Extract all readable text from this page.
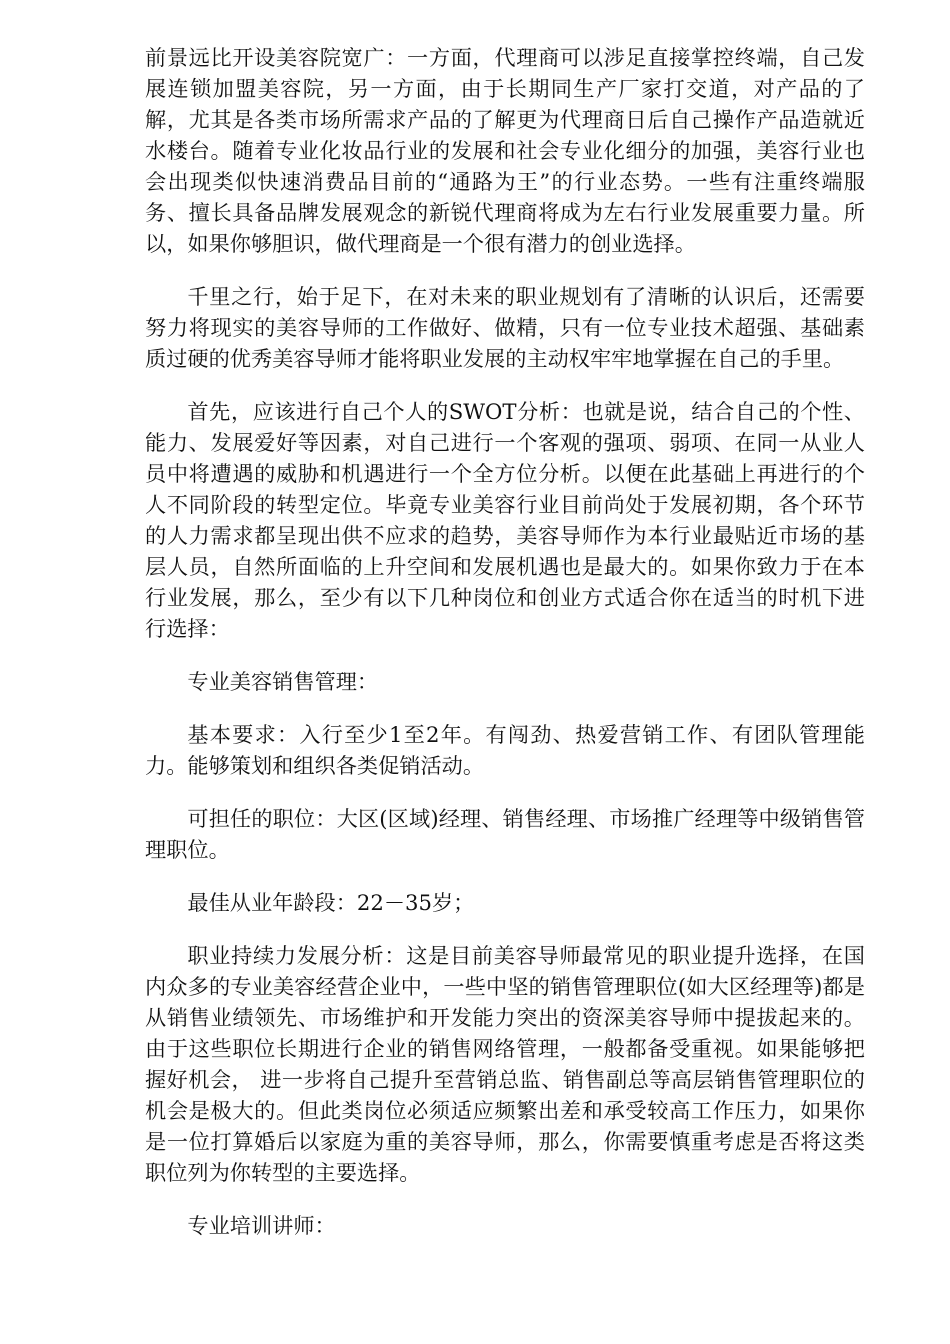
前景远比开设美容院宽广：一方面，代理商可以涉足直接掌控终端，自己发展连锁加盟美容院，另一方面，由于长期同生产厂家打交道，对产品的了解，尤其是各类市场所需求产品的了解更为代理商日后自己操作产品造就近水楼台。随着专业化妆品行业的发展和社会专业化细分的加强，美容行业也会出现类似快速消费品目前的“通路为王”的行业态势。一些有注重终端服务、擅长具备品牌发展观念的新锐代理商将成为左右行业发展重要力量。所以，如果你够胆识，做代理商是一个很有潜力的创业选择。

千里之行，始于足下，在对未来的职业规划有了清晰的认识后，还需要努力将现实的美容导师的工作做好、做精，只有一位专业技术超强、基础素质过硬的优秀美容导师才能将职业发展的主动权牢牢地掌握在自己的手里。

首先，应该进行自己个人的SWOT分析：也就是说，结合自己的个性、能力、发展爱好等因素，对自己进行一个客观的强项、弱项、在同一从业人员中将遭遇的威胁和机遇进行一个全方位分析。以便在此基础上再进行的个人不同阶段的转型定位。毕竟专业美容行业目前尚处于发展初期，各个环节的人力需求都呈现出供不应求的趋势，美容导师作为本行业最贴近市场的基层人员，自然所面临的上升空间和发展机遇也是最大的。如果你致力于在本行业发展，那么，至少有以下几种岗位和创业方式适合你在适当的时机下进行选择：

专业美容销售管理：

基本要求：入行至少1至2年。有闯劲、热爱营销工作、有团队管理能力。能够策划和组织各类促销活动。

可担任的职位：大区(区域)经理、销售经理、市场推广经理等中级销售管理职位。

最佳从业年龄段：22－35岁；

职业持续力发展分析：这是目前美容导师最常见的职业提升选择，在国内众多的专业美容经营企业中，一些中坚的销售管理职位(如大区经理等)都是从销售业绩领先、市场维护和开发能力突出的资深美容导师中提拔起来的。由于这些职位长期进行企业的销售网络管理，一般都备受重视。如果能够把握好机会， 进一步将自己提升至营销总监、销售副总等高层销售管理职位的机会是极大的。但此类岗位必须适应频繁出差和承受较高工作压力，如果你是一位打算婚后以家庭为重的美容导师，那么，你需要慎重考虑是否将这类职位列为你转型的主要选择。

专业培训讲师：
